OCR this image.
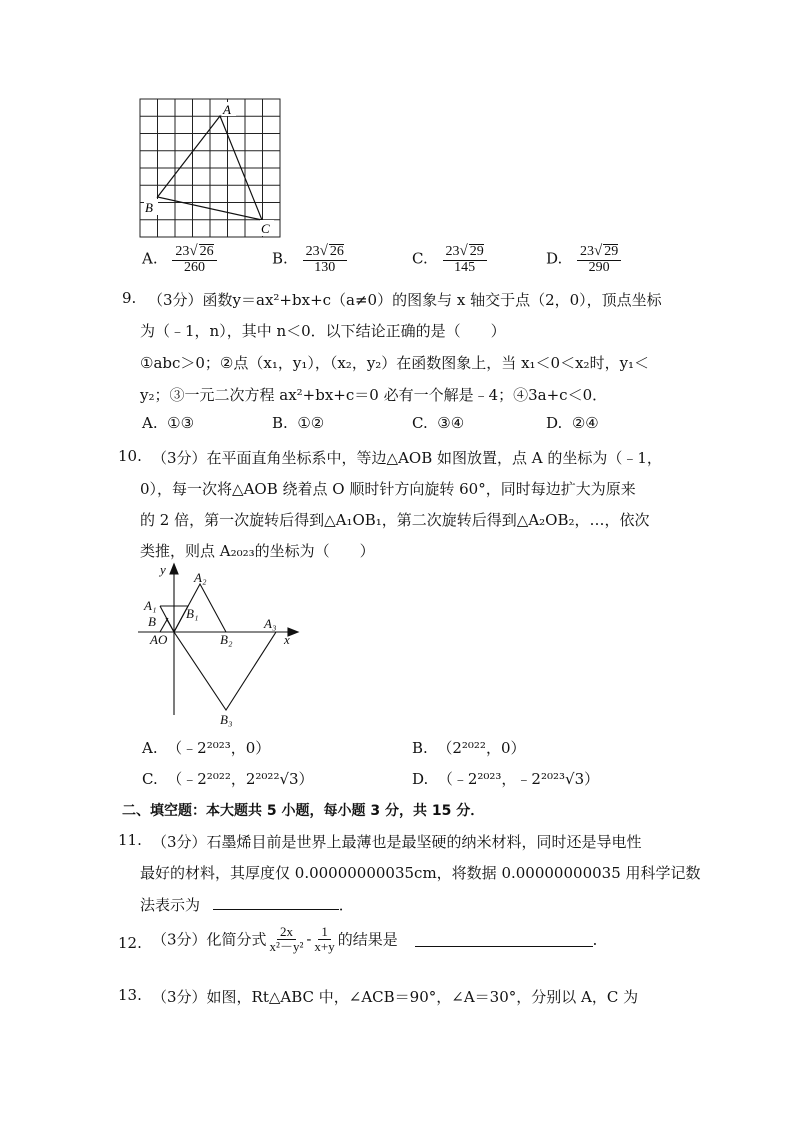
A
B
C
A. $\frac{23√ 26}{260}$	B. $\frac{23√ 26}{130}$	C. $\frac{23√ 29}{145}$	D. $\frac{23√ 29}{290}$
9. （3分）函数y＝ax²+bx+c（a≠0）的图象与 x 轴交于点（2，0），顶点坐标
为（﹣1，n），其中 n＜0．以下结论正确的是（　　）
①abc＞0；②点（x₁，y₁），（x₂，y₂）在函数图象上，当 x₁＜0＜x₂时，y₁＜
y₂；③一元二次方程 ax²+bx+c＝0 必有一个解是﹣4；④3a+c＜0．
A. ①③	B. ①②	C. ③④	D. ②④
10. （3分）在平面直角坐标系中，等边△AOB 如图放置，点 A 的坐标为（﹣1，
0），每一次将△AOB 绕着点 O 顺时针方向旋转 60°，同时每边扩大为原来
的 2 倍，第一次旋转后得到△A₁OB₁，第二次旋转后得到△A₂OB₂，…，依次
类推，则点 A₂₀₂₃的坐标为（　　）
y
x
A₂
A₁
B₁
B
AO	B₂
A₃
B₃
A. （﹣2²⁰²³，0）	B. （2²⁰²²，0）
C. （﹣2²⁰²²，2²⁰²²√3）	D. （﹣2²⁰²³，﹣2²⁰²³√3）
二、填空题：本大题共 5 小题，每小题 3 分，共 15 分．
11. （3分）石墨烯目前是世界上最薄也是最坚硬的纳米材料，同时还是导电性
最好的材料，其厚度仅 0.00000000035cm，将数据 0.00000000035 用科学记数
法表示为	．
12. （3分）化简分式 $\frac{2x}{\text{x²－y²}} - \frac{1}{x+y}$ 的结果是	．
13. （3分）如图，Rt△ABC 中，∠ACB＝90°，∠A＝30°，分别以 A，C 为
